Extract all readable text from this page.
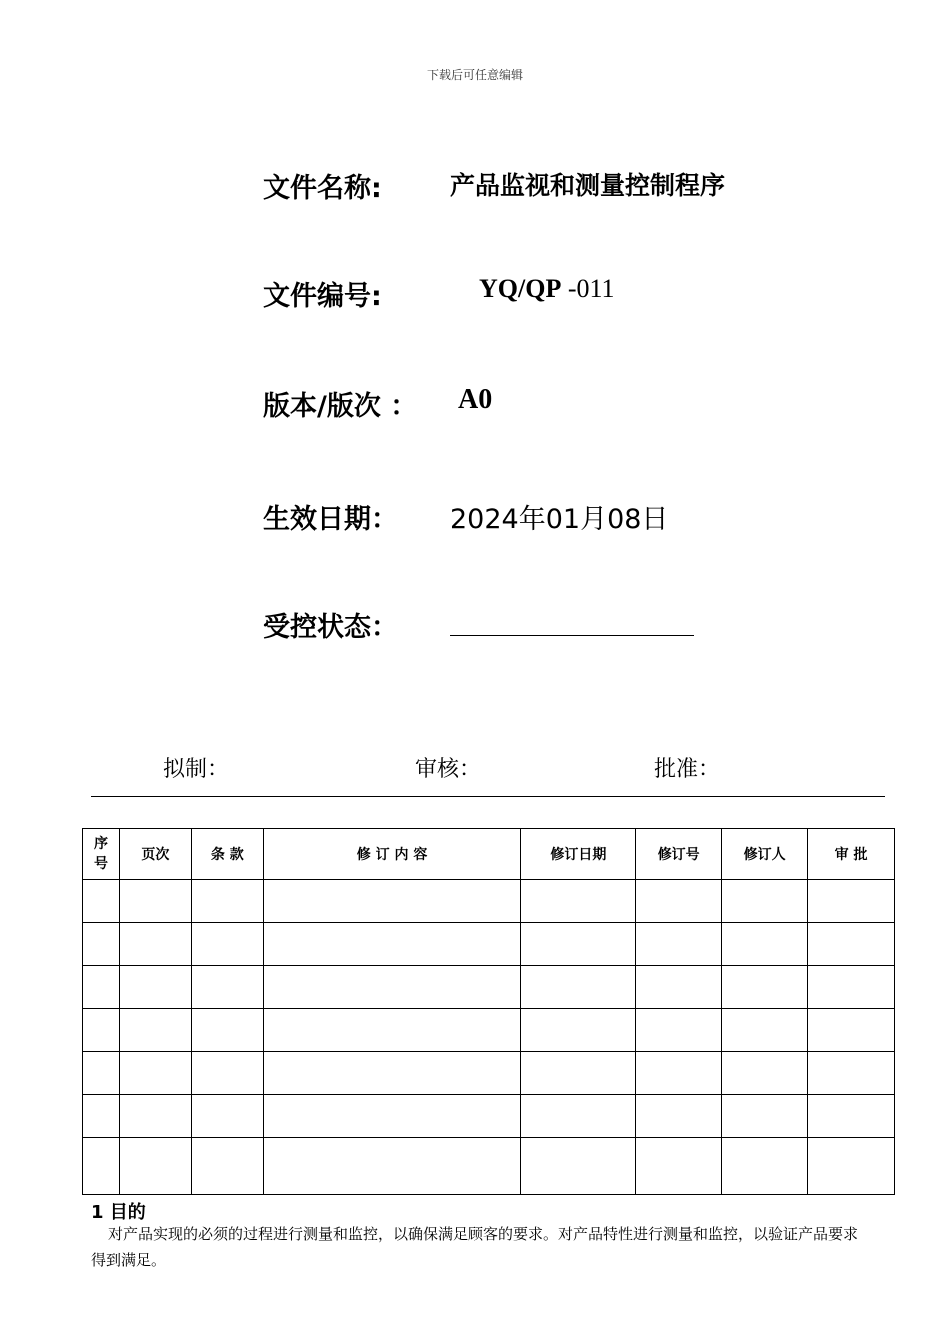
下载后可任意编辑
文件名称:	产品监视和测量控制程序
文件编号:	YQ/QP -011
版本/版次 ： A0
生效日期： 2024年01月08日
受控状态：
拟制：	审核：	批准：
序
号	页次	条 款	修 订 内 容	修订日期	修订号	修订人	审 批

1 目的
对产品实现的必须的过程进行测量和监控，以确保满足顾客的要求。对产品特性进行测量和监控，以验证产品要求得到满足。
